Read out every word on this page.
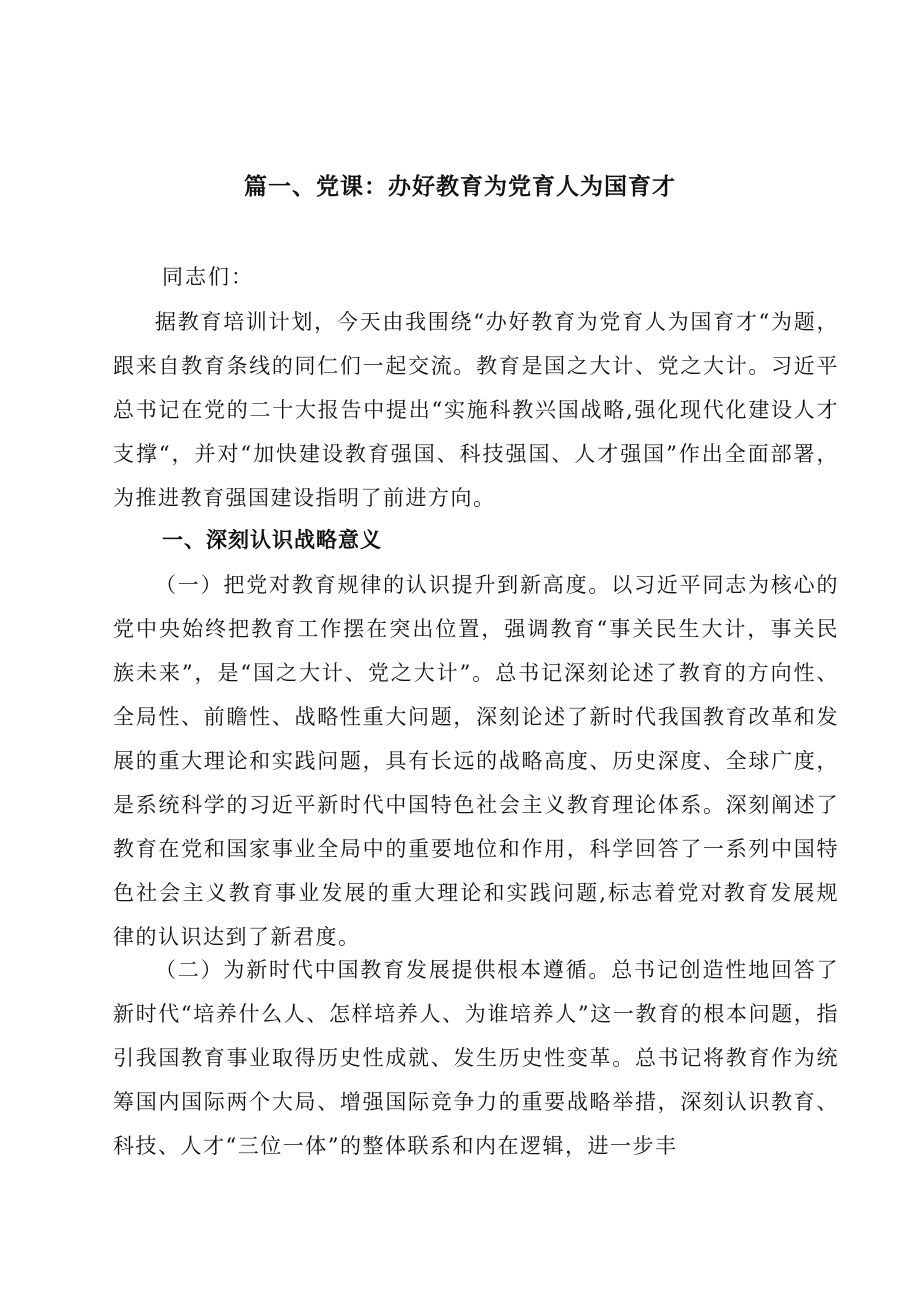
篇一、党课：办好教育为党育人为国育才
同志们：

据教育培训计划，今天由我围绕“办好教育为党育人为国育才“为题，跟来自教育条线的同仁们一起交流。教育是国之大计、党之大计。习近平总书记在党的二十大报告中提出“实施科教兴国战略,强化现代化建设人才支撑“，并对“加快建设教育强国、科技强国、人才强国”作出全面部署，为推进教育强国建设指明了前进方向。

一、深刻认识战略意义

（一）把党对教育规律的认识提升到新高度。以习近平同志为核心的党中央始终把教育工作摆在突出位置，强调教育“事关民生大计，事关民族未来”，是“国之大计、党之大计”。总书记深刻论述了教育的方向性、全局性、前瞻性、战略性重大问题，深刻论述了新时代我国教育改革和发展的重大理论和实践问题，具有长远的战略高度、历史深度、全球广度，是系统科学的习近平新时代中国特色社会主义教育理论体系。深刻阐述了教育在党和国家事业全局中的重要地位和作用，科学回答了一系列中国特色社会主义教育事业发展的重大理论和实践问题,标志着党对教育发展规律的认识达到了新君度。

（二）为新时代中国教育发展提供根本遵循。总书记创造性地回答了新时代“培养什么人、怎样培养人、为谁培养人”这一教育的根本问题，指引我国教育事业取得历史性成就、发生历史性变革。总书记将教育作为统筹国内国际两个大局、增强国际竞争力的重要战略举措，深刻认识教育、科技、人才“三位一体”的整体联系和内在逻辑，进一步丰
